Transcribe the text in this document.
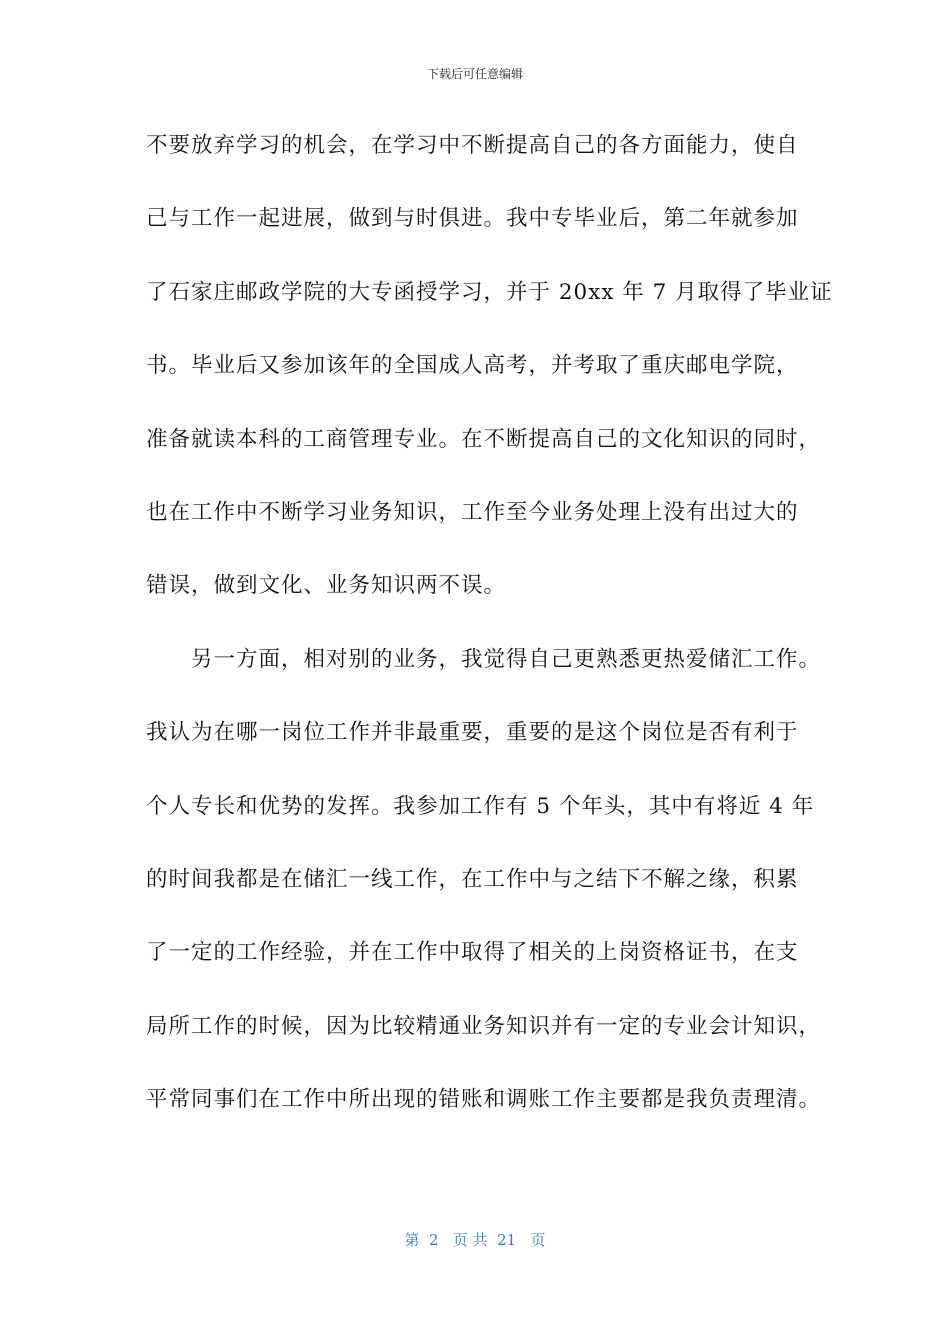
下载后可任意编辑
不要放弃学习的机会，在学习中不断提高自己的各方面能力，使自
己与工作一起进展，做到与时俱进。我中专毕业后，第二年就参加
了石家庄邮政学院的大专函授学习，并于 20xx 年 7 月取得了毕业证
书。毕业后又参加该年的全国成人高考，并考取了重庆邮电学院，
准备就读本科的工商管理专业。在不断提高自己的文化知识的同时，
也在工作中不断学习业务知识，工作至今业务处理上没有出过大的
错误，做到文化、业务知识两不误。
　　另一方面，相对别的业务，我觉得自己更熟悉更热爱储汇工作。
我认为在哪一岗位工作并非最重要，重要的是这个岗位是否有利于
个人专长和优势的发挥。我参加工作有 5 个年头，其中有将近 4 年
的时间我都是在储汇一线工作，在工作中与之结下不解之缘，积累
了一定的工作经验，并在工作中取得了相关的上岗资格证书，在支
局所工作的时候，因为比较精通业务知识并有一定的专业会计知识，
平常同事们在工作中所出现的错账和调账工作主要都是我负责理清。
第  2   页 共  21   页
